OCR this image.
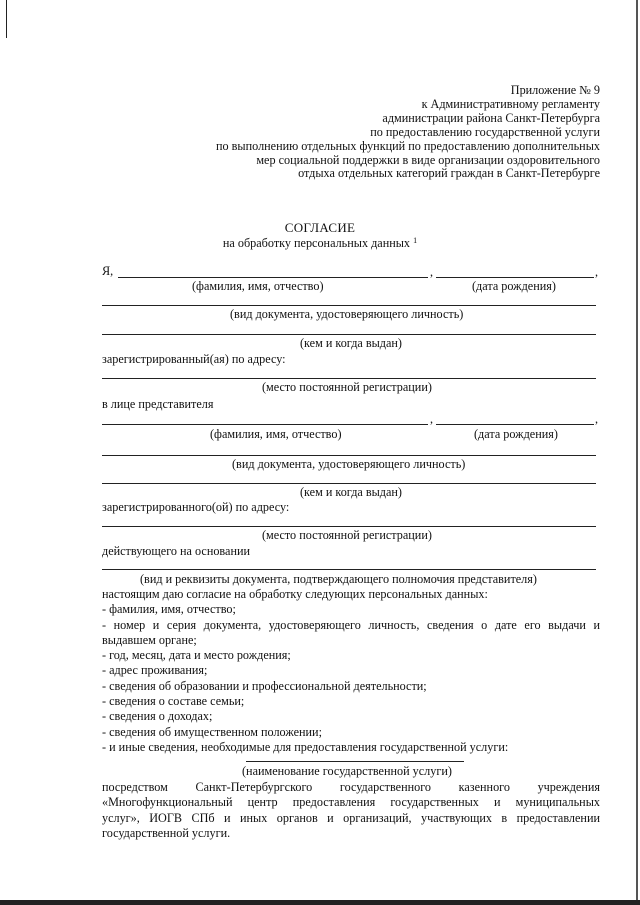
Приложение № 9
к Административному регламенту
администрации района Санкт-Петербурга
по предоставлению государственной услуги
по выполнению отдельных функций по предоставлению дополнительных
мер социальной поддержки в виде организации оздоровительного
отдыха отдельных категорий граждан в Санкт-Петербурге
СОГЛАСИЕ
на обработку персональных данных $^1$
Я,	,	,
(фамилия, имя, отчество)	(дата рождения)
(вид документа, удостоверяющего личность)
(кем и когда выдан)
зарегистрированный(ая) по адресу:
(место постоянной регистрации)
в лице представителя
,	,
(фамилия, имя, отчество)	(дата рождения)
(вид документа, удостоверяющего личность)
(кем и когда выдан)
зарегистрированного(ой) по адресу:
(место постоянной регистрации)
действующего на основании
(вид и реквизиты документа, подтверждающего полномочия представителя)
настоящим даю согласие на обработку следующих персональных данных:
- фамилия, имя, отчество;
- номер и серия документа, удостоверяющего личность, сведения о дате его выдачи и
выдавшем органе;
- год, месяц, дата и место рождения;
- адрес проживания;
- сведения об образовании и профессиональной деятельности;
- сведения о составе семьи;
- сведения о доходах;
- сведения об имущественном положении;
- и иные сведения, необходимые для предоставления государственной услуги:
(наименование государственной услуги)
посредством Санкт-Петербургского государственного казенного учреждения
«Многофункциональный центр предоставления государственных и муниципальных
услуг», ИОГВ СПб и иных органов и организаций, участвующих в предоставлении
государственной услуги.
